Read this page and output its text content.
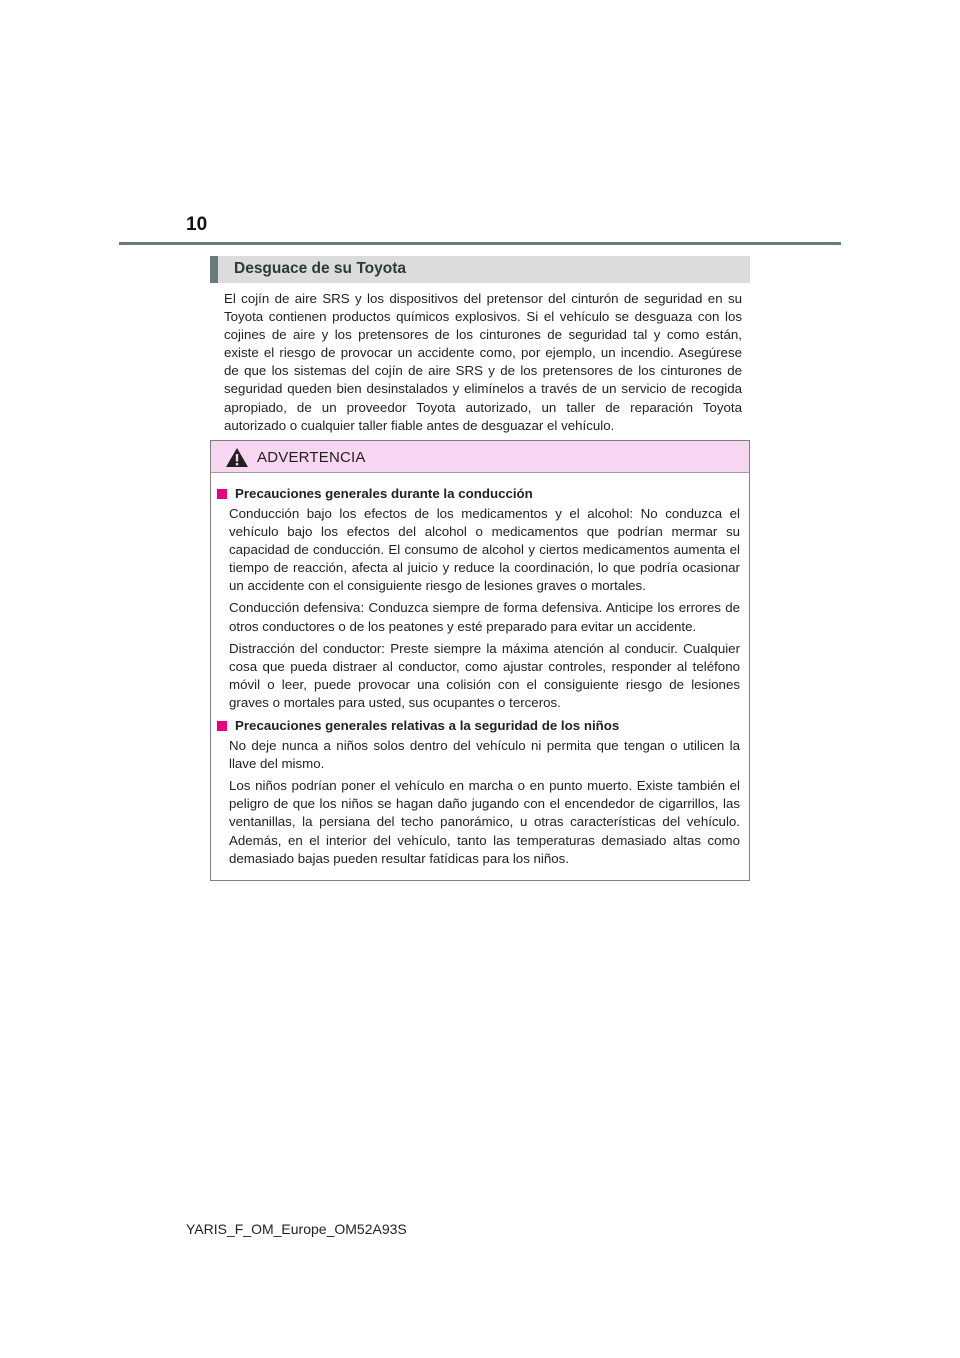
10
Desguace de su Toyota
El cojín de aire SRS y los dispositivos del pretensor del cinturón de seguridad en su Toyota contienen productos químicos explosivos. Si el vehículo se desguaza con los cojines de aire y los pretensores de los cinturones de seguridad tal y como están, existe el riesgo de provocar un accidente como, por ejemplo, un incendio. Asegúrese de que los sistemas del cojín de aire SRS y de los pretensores de los cinturones de seguridad queden bien desinstalados y elimínelos a través de un servicio de recogida apropiado, de un proveedor Toyota autorizado, un taller de reparación Toyota autorizado o cualquier taller fiable antes de desguazar el vehículo.
ADVERTENCIA
Precauciones generales durante la conducción
Conducción bajo los efectos de los medicamentos y el alcohol: No conduzca el vehículo bajo los efectos del alcohol o medicamentos que podrían mermar su capacidad de conducción. El consumo de alcohol y ciertos medicamentos aumenta el tiempo de reacción, afecta al juicio y reduce la coordinación, lo que podría ocasionar un accidente con el consiguiente riesgo de lesiones graves o mortales.
Conducción defensiva: Conduzca siempre de forma defensiva. Anticipe los errores de otros conductores o de los peatones y esté preparado para evitar un accidente.
Distracción del conductor: Preste siempre la máxima atención al conducir. Cualquier cosa que pueda distraer al conductor, como ajustar controles, responder al teléfono móvil o leer, puede provocar una colisión con el consiguiente riesgo de lesiones graves o mortales para usted, sus ocupantes o terceros.
Precauciones generales relativas a la seguridad de los niños
No deje nunca a niños solos dentro del vehículo ni permita que tengan o utilicen la llave del mismo.
Los niños podrían poner el vehículo en marcha o en punto muerto. Existe también el peligro de que los niños se hagan daño jugando con el encendedor de cigarrillos, las ventanillas, la persiana del techo panorámico, u otras características del vehículo. Además, en el interior del vehículo, tanto las temperaturas demasiado altas como demasiado bajas pueden resultar fatídicas para los niños.
YARIS_F_OM_Europe_OM52A93S
